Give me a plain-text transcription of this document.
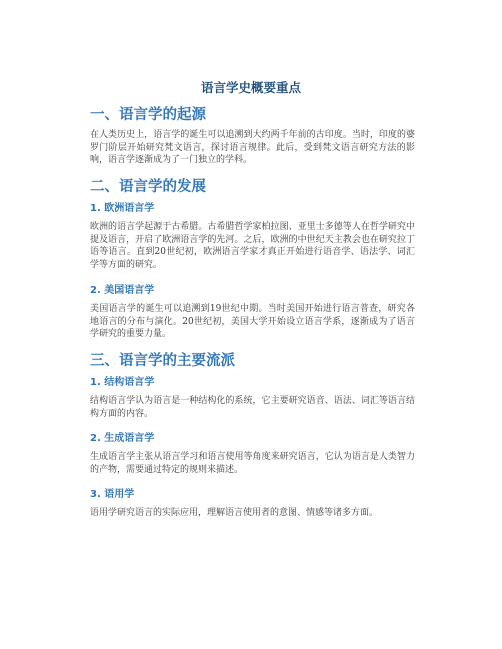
语言学史概要重点
一、语言学的起源
在人类历史上，语言学的诞生可以追溯到大约两千年前的古印度。当时，印度的婆罗门阶层开始研究梵文语言，探讨语言规律。此后，受到梵文语言研究方法的影响，语言学逐渐成为了一门独立的学科。
二、语言学的发展
1. 欧洲语言学
欧洲的语言学起源于古希腊。古希腊哲学家柏拉图、亚里士多德等人在哲学研究中提及语言，开启了欧洲语言学的先河。之后，欧洲的中世纪天主教会也在研究拉丁语等语言。直到20世纪初，欧洲语言学家才真正开始进行语音学、语法学、词汇学等方面的研究。
2. 美国语言学
美国语言学的诞生可以追溯到19世纪中期。当时美国开始进行语言普查，研究各地语言的分布与演化。20世纪初，美国大学开始设立语言学系，逐渐成为了语言学研究的重要力量。
三、语言学的主要流派
1. 结构语言学
结构语言学认为语言是一种结构化的系统，它主要研究语音、语法、词汇等语言结构方面的内容。
2. 生成语言学
生成语言学主张从语言学习和语言使用等角度来研究语言，它认为语言是人类智力的产物，需要通过特定的规则来描述。
3. 语用学
语用学研究语言的实际应用，理解语言使用者的意图、情感等诸多方面。
